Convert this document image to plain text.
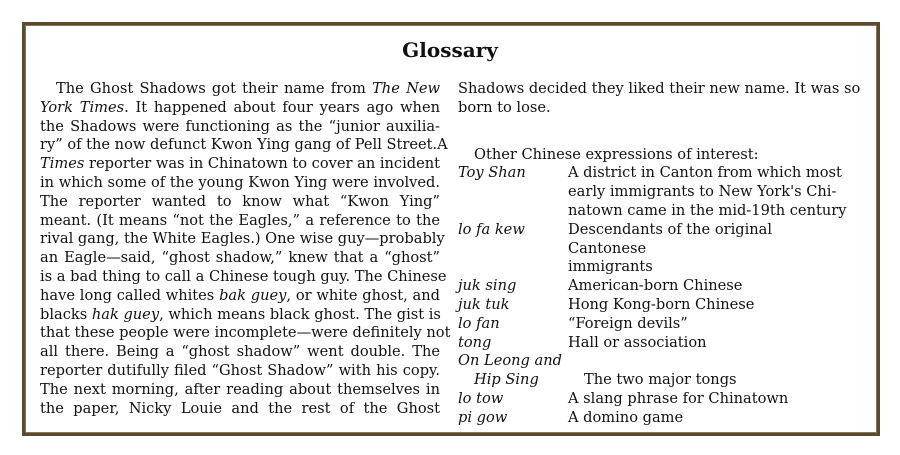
Glossary
The Ghost Shadows got their name from The New
York Times. It happened about four years ago when
the Shadows were functioning as the “junior auxilia-
ry” of the now defunct Kwon Ying gang of Pell Street.A
Times reporter was in Chinatown to cover an incident
in which some of the young Kwon Ying were involved.
The reporter wanted to know what “Kwon Ying”
meant. (It means “not the Eagles,” a reference to the
rival gang, the White Eagles.) One wise guy—probably
an Eagle—said, “ghost shadow,” knew that a “ghost”
is a bad thing to call a Chinese tough guy. The Chinese
have long called whites bak guey, or white ghost, and
blacks hak guey, which means black ghost. The gist is
that these people were incomplete—were definitely not
all there. Being a “ghost shadow” went double. The
reporter dutifully filed “Ghost Shadow” with his copy.
The next morning, after reading about themselves in
the paper, Nicky Louie and the rest of the Ghost
Shadows decided they liked their new name. It was so
born to lose.
Other Chinese expressions of interest:
Toy Shan	A district in Canton from which most
early immigrants to New York's Chi-
natown came in the mid-19th century
lo fa kew	Descendants of the original Cantonese
immigrants
juk sing	American-born Chinese
juk tuk	Hong Kong-born Chinese
lo fan	“Foreign devils”
tong	Hall or association
On Leong and

Hip Sing	The two major tongs
lo tow	A slang phrase for Chinatown
pi gow	A domino game
